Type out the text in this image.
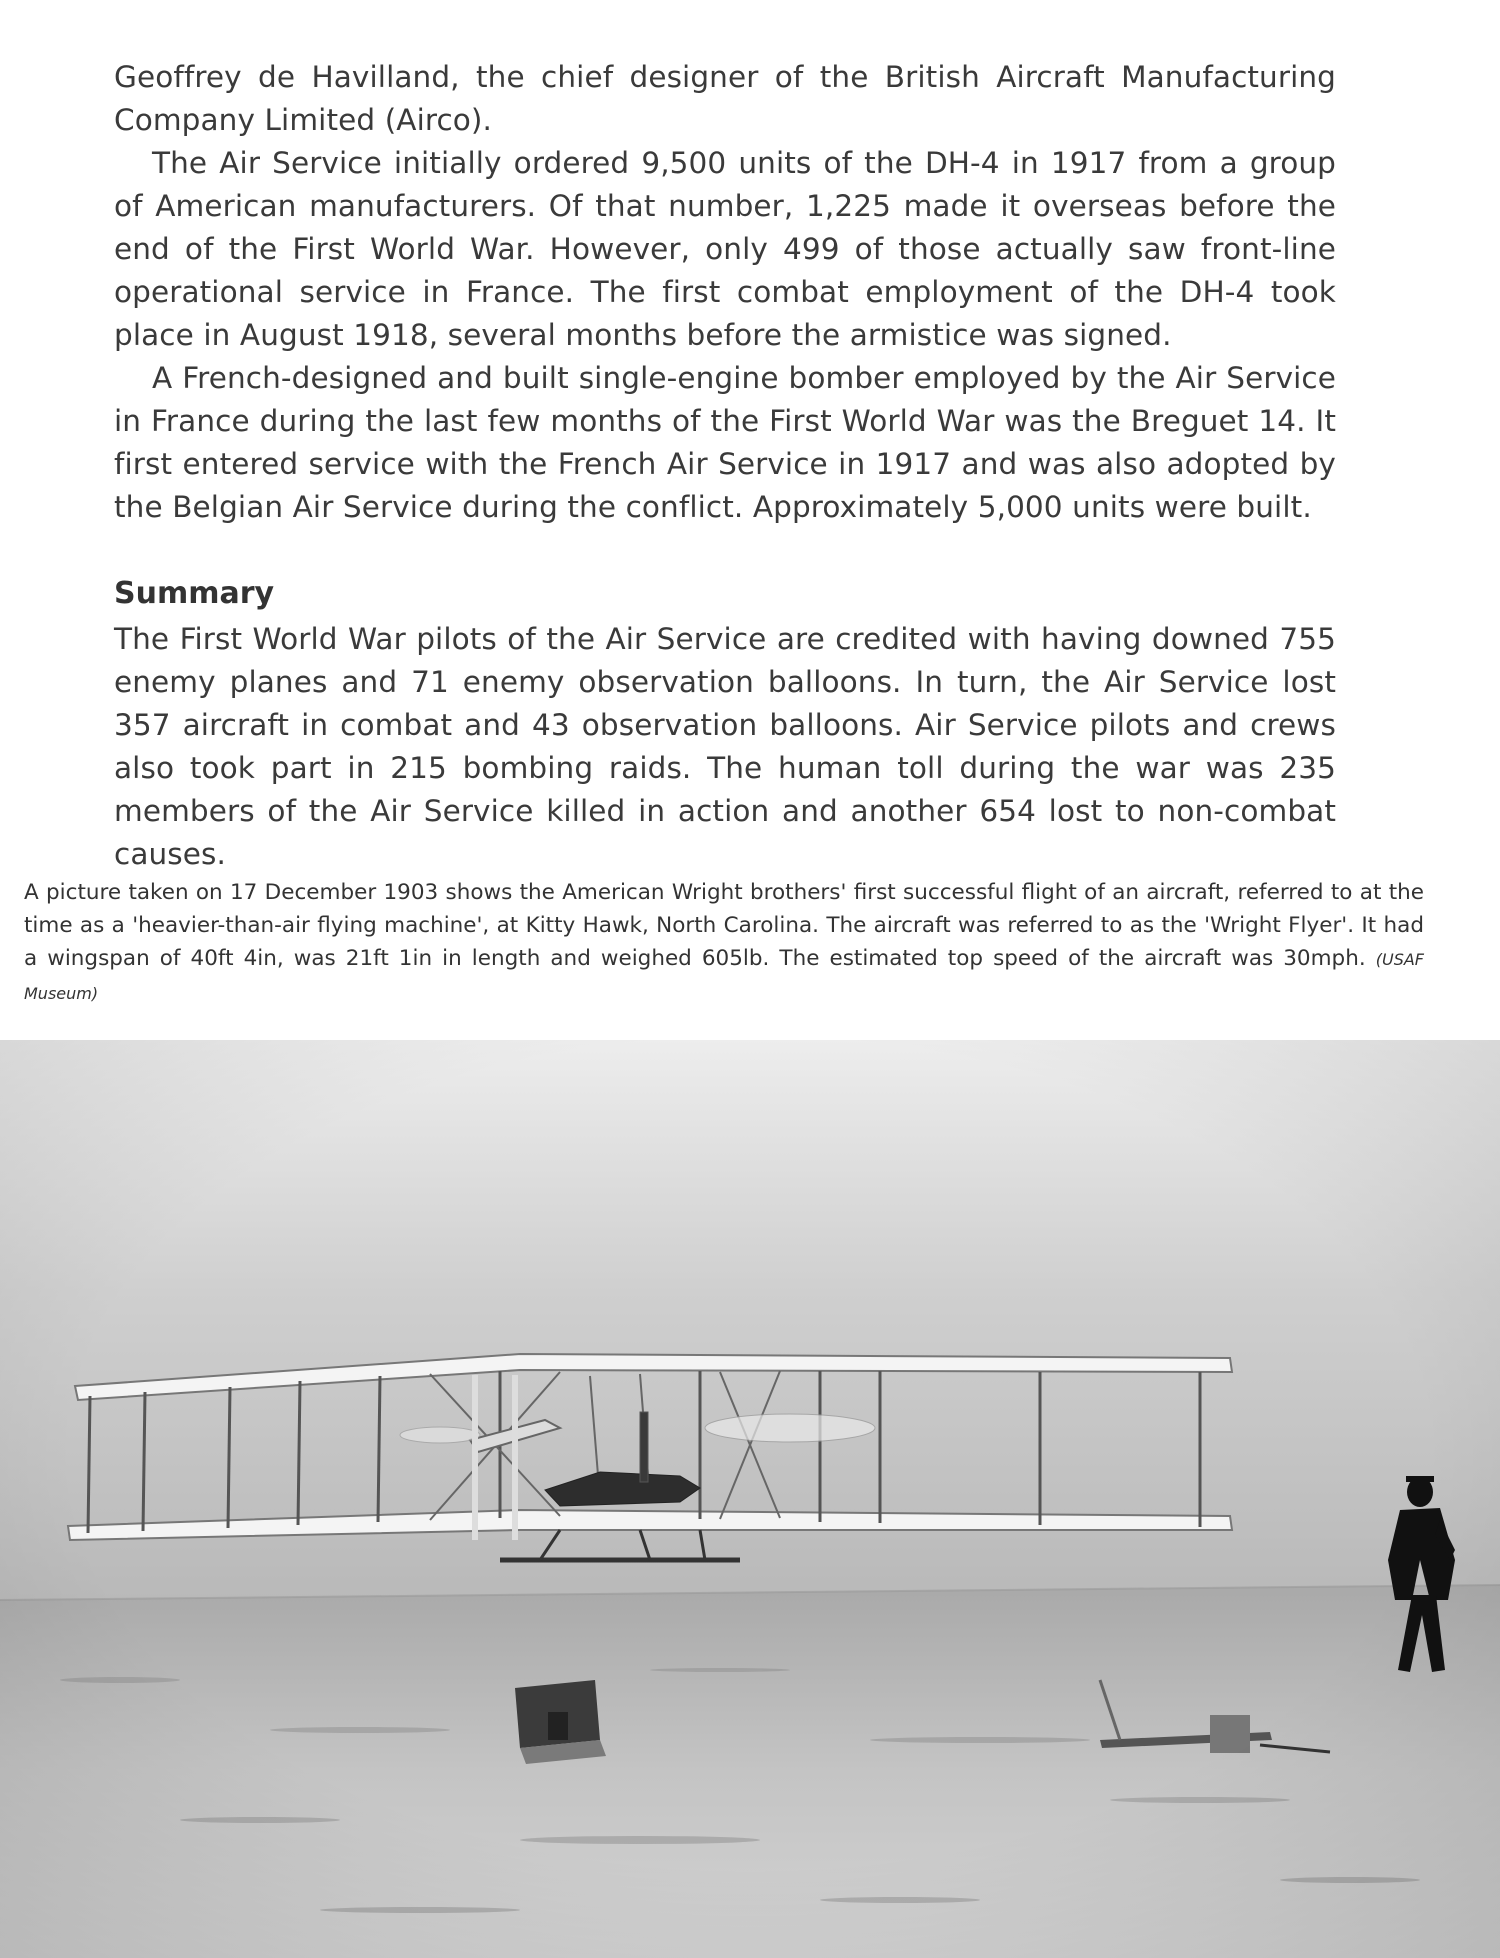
Geoffrey de Havilland, the chief designer of the British Aircraft Manufacturing Company Limited (Airco).

The Air Service initially ordered 9,500 units of the DH-4 in 1917 from a group of American manufacturers. Of that number, 1,225 made it overseas before the end of the First World War. However, only 499 of those actually saw front-line operational service in France. The first combat employment of the DH-4 took place in August 1918, several months before the armistice was signed.

A French-designed and built single-engine bomber employed by the Air Service in France during the last few months of the First World War was the Breguet 14. It first entered service with the French Air Service in 1917 and was also adopted by the Belgian Air Service during the conflict. Approximately 5,000 units were built.

Summary

The First World War pilots of the Air Service are credited with having downed 755 enemy planes and 71 enemy observation balloons. In turn, the Air Service lost 357 aircraft in combat and 43 observation balloons. Air Service pilots and crews also took part in 215 bombing raids. The human toll during the war was 235 members of the Air Service killed in action and another 654 lost to non-combat causes.

A picture taken on 17 December 1903 shows the American Wright brothers' first successful flight of an aircraft, referred to at the time as a 'heavier-than-air flying machine', at Kitty Hawk, North Carolina. The aircraft was referred to as the 'Wright Flyer'. It had a wingspan of 40ft 4in, was 21ft 1in in length and weighed 605lb. The estimated top speed of the aircraft was 30mph. (USAF Museum)
